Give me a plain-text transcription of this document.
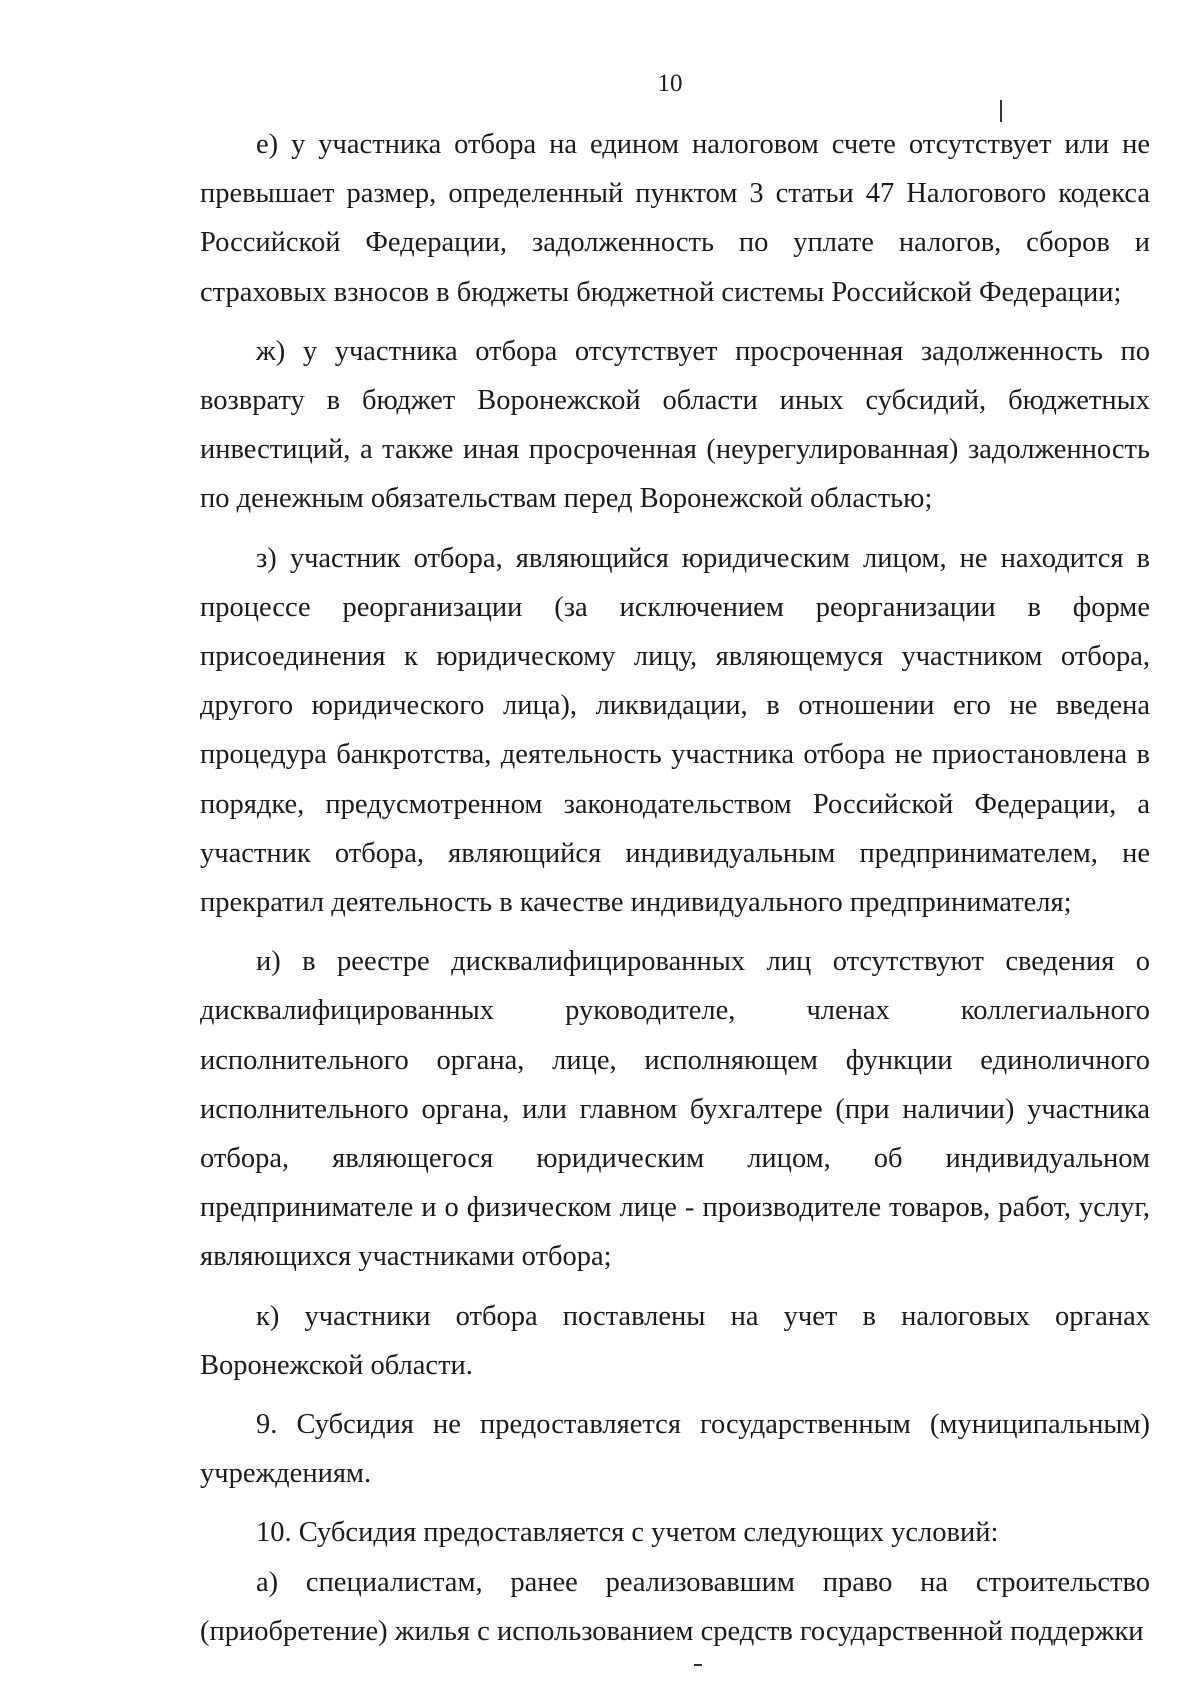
10

е) у участника отбора на едином налоговом счете отсутствует или не превышает размер, определенный пунктом 3 статьи 47 Налогового кодекса Российской Федерации, задолженность по уплате налогов, сборов и страховых взносов в бюджеты бюджетной системы Российской Федерации;

ж) у участника отбора отсутствует просроченная задолженность по возврату в бюджет Воронежской области иных субсидий, бюджетных инвестиций, а также иная просроченная (неурегулированная) задолженность по денежным обязательствам перед Воронежской областью;

з) участник отбора, являющийся юридическим лицом, не находится в процессе реорганизации (за исключением реорганизации в форме присоединения к юридическому лицу, являющемуся участником отбора, другого юридического лица), ликвидации, в отношении его не введена процедура банкротства, деятельность участника отбора не приостановлена в порядке, предусмотренном законодательством Российской Федерации, а участник отбора, являющийся индивидуальным предпринимателем, не прекратил деятельность в качестве индивидуального предпринимателя;

и) в реестре дисквалифицированных лиц отсутствуют сведения о дисквалифицированных руководителе, членах коллегиального исполнительного органа, лице, исполняющем функции единоличного исполнительного органа, или главном бухгалтере (при наличии) участника отбора, являющегося юридическим лицом, об индивидуальном предпринимателе и о физическом лице - производителе товаров, работ, услуг, являющихся участниками отбора;

к) участники отбора поставлены на учет в налоговых органах Воронежской области.

9. Субсидия не предоставляется государственным (муниципальным) учреждениям.

10. Субсидия предоставляется с учетом следующих условий:

а) специалистам, ранее реализовавшим право на строительство (приобретение) жилья с использованием средств государственной поддержки
